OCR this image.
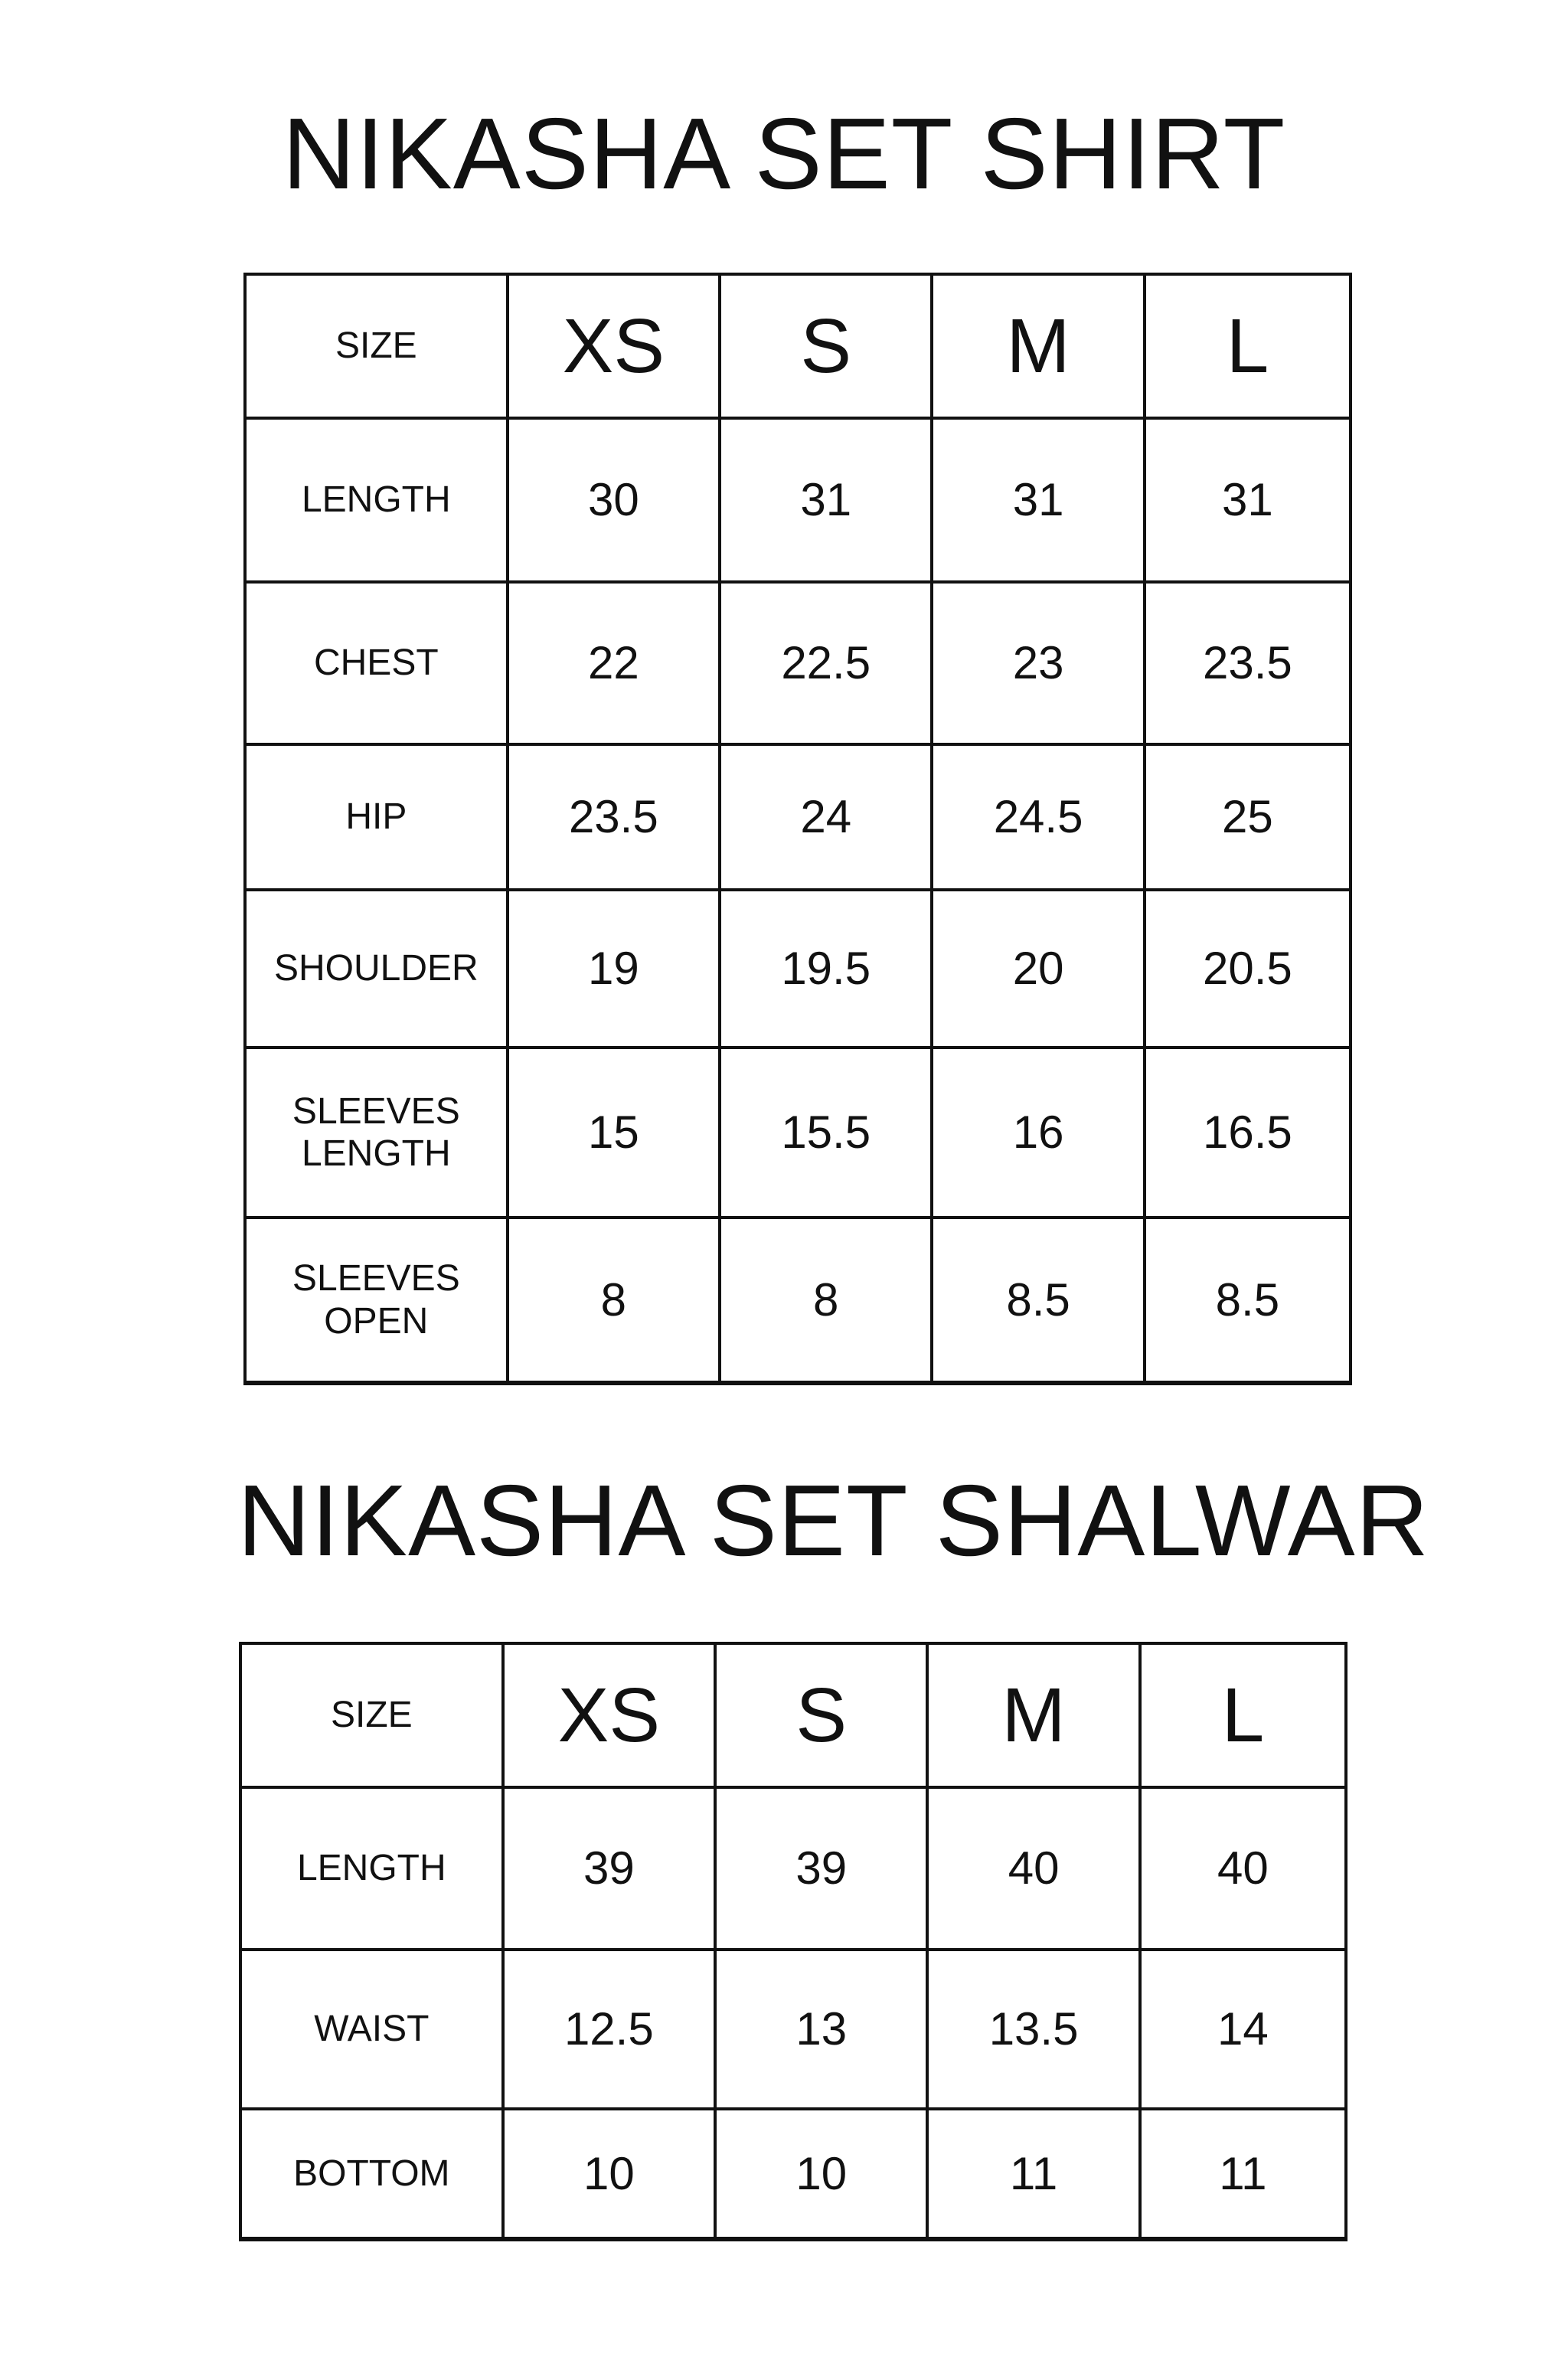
NIKASHA SET SHIRT
SIZE	XS	S	M	L
LENGTH	30	31	31	31
CHEST	22	22.5	23	23.5
HIP	23.5	24	24.5	25
SHOULDER	19	19.5	20	20.5
SLEEVES
LENGTH	15	15.5	16	16.5
SLEEVES
OPEN	8	8	8.5	8.5
NIKASHA SET SHALWAR
SIZE	XS	S	M	L
LENGTH	39	39	40	40
WAIST	12.5	13	13.5	14
BOTTOM	10	10	11	11
